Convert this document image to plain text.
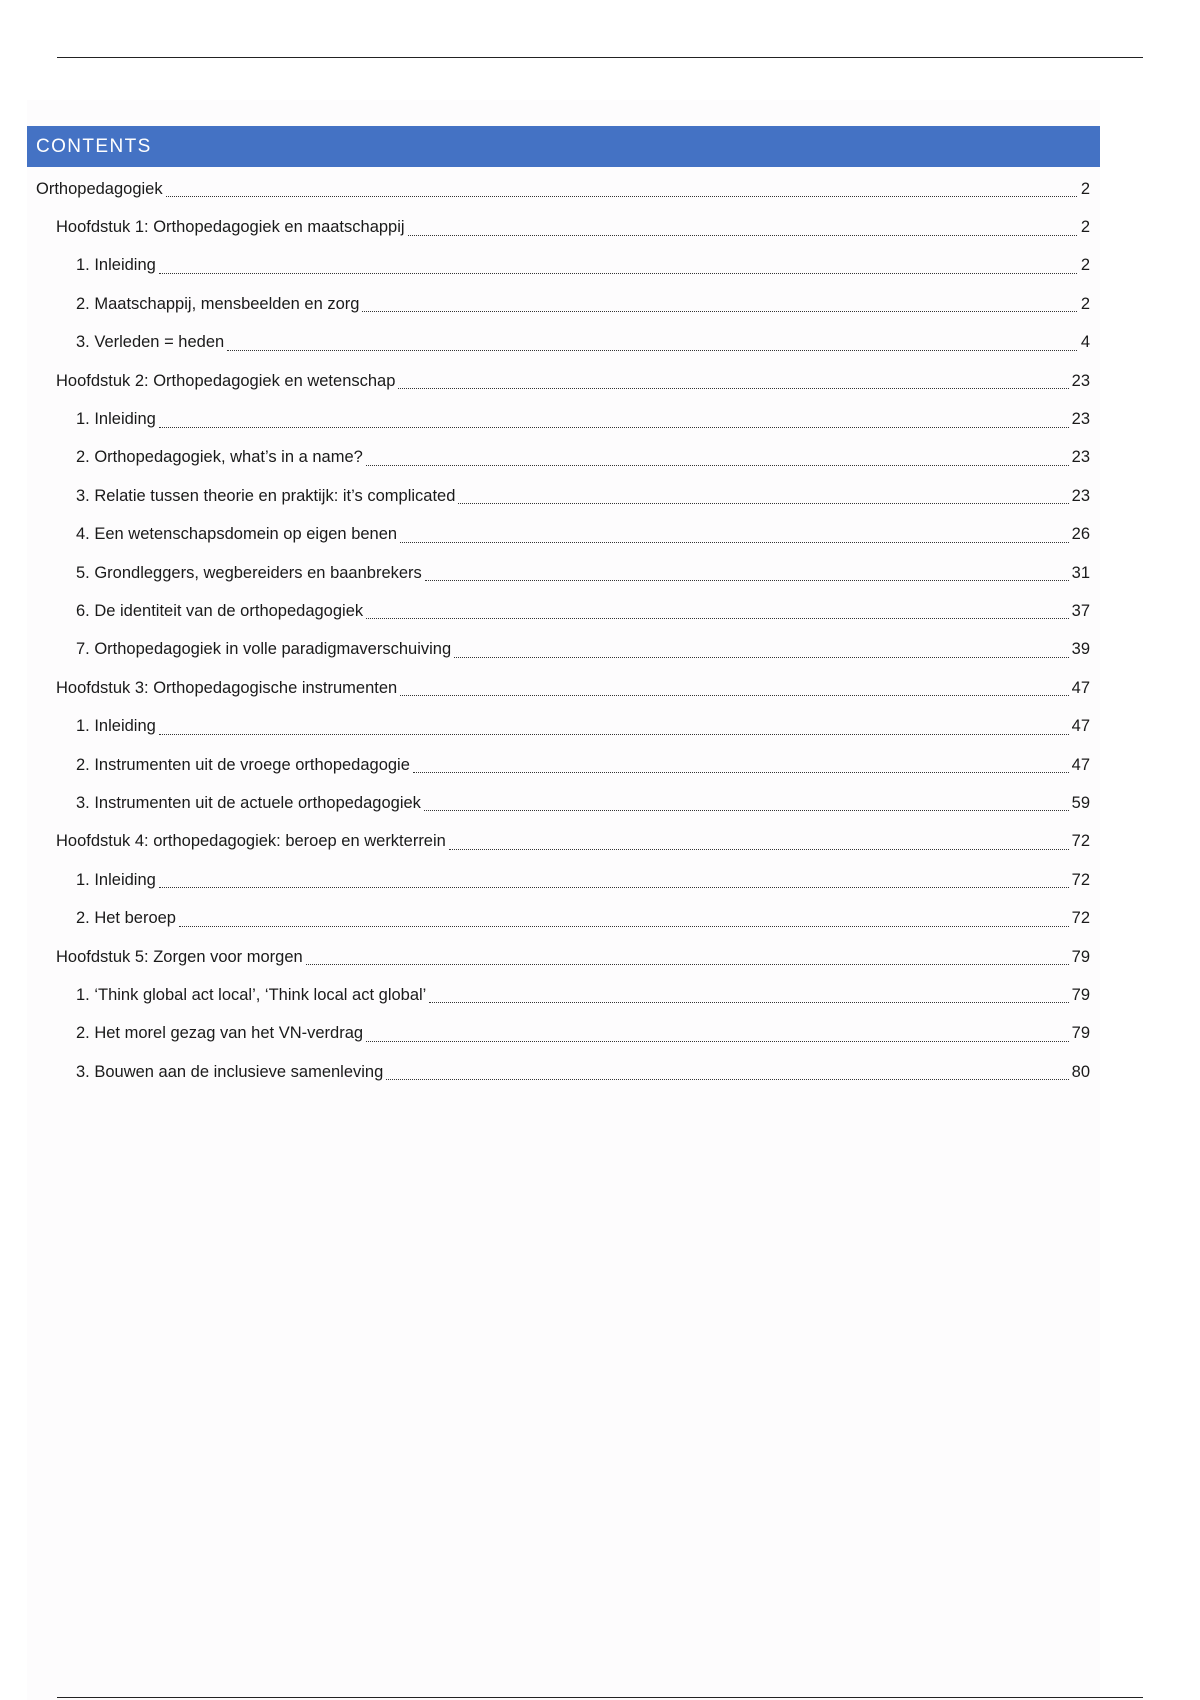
CONTENTS
Orthopedagogiek	2
Hoofdstuk 1: Orthopedagogiek en maatschappij	2
1. Inleiding	2
2. Maatschappij, mensbeelden en zorg	2
3. Verleden = heden	4
Hoofdstuk 2: Orthopedagogiek en wetenschap	23
1. Inleiding	23
2. Orthopedagogiek, what’s in a name?	23
3. Relatie tussen theorie en praktijk: it’s complicated	23
4. Een wetenschapsdomein op eigen benen	26
5. Grondleggers, wegbereiders en baanbrekers	31
6. De identiteit van de orthopedagogiek	37
7. Orthopedagogiek in volle paradigmaverschuiving	39
Hoofdstuk 3: Orthopedagogische instrumenten	47
1. Inleiding	47
2. Instrumenten uit de vroege orthopedagogie	47
3. Instrumenten uit de actuele orthopedagogiek	59
Hoofdstuk 4: orthopedagogiek: beroep en werkterrein	72
1. Inleiding	72
2. Het beroep	72
Hoofdstuk 5: Zorgen voor morgen	79
1. ‘Think global act local’, ‘Think local act global’	79
2. Het morel gezag van het VN-verdrag	79
3. Bouwen aan de inclusieve samenleving	80
